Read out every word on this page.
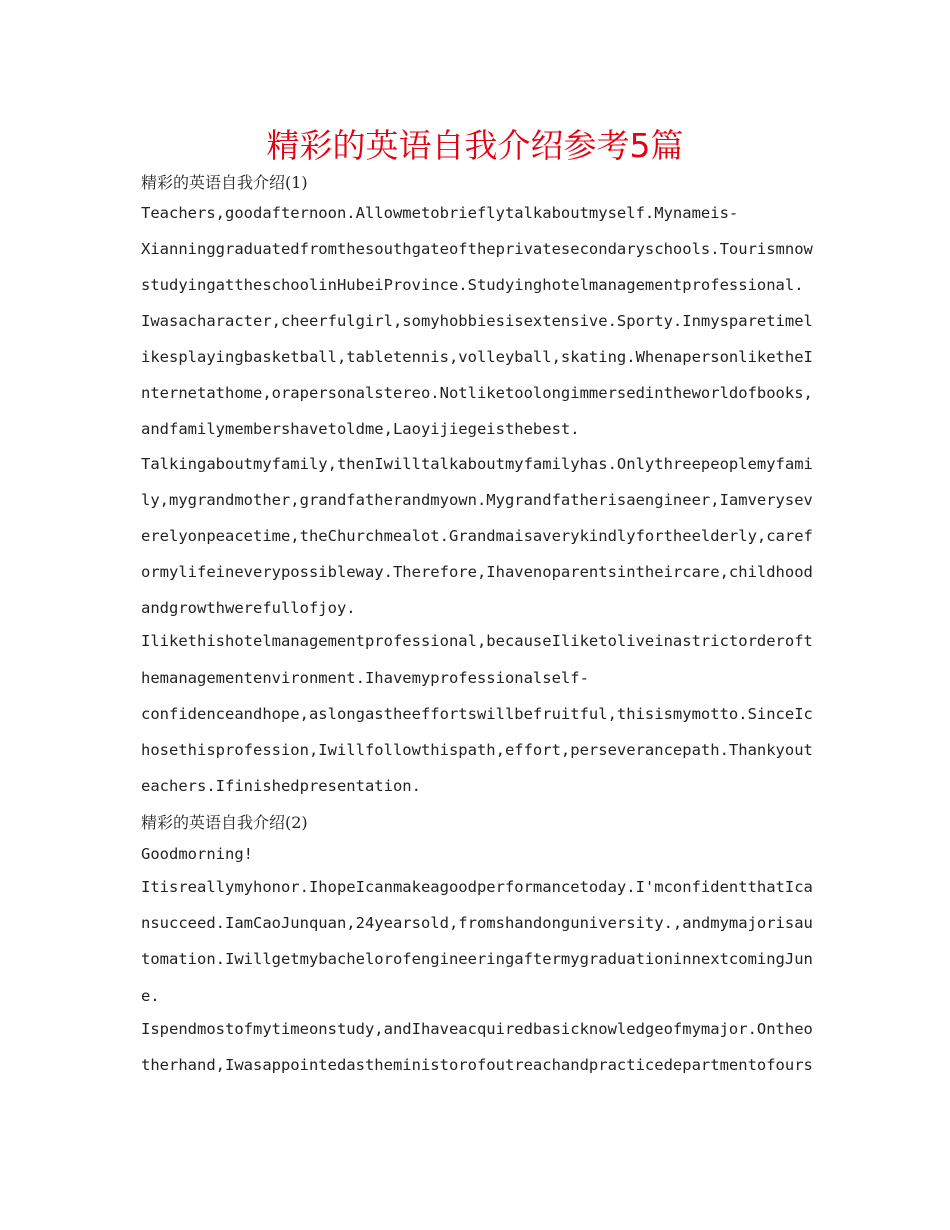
精彩的英语自我介绍参考5篇
精彩的英语自我介绍(1)
Teachers,goodafternoon.Allowmetobrieflytalkaboutmyself.Mynameis-
Xianninggraduatedfromthesouthgateoftheprivatesecondaryschools.Tourismnow
studyingattheschoolinHubeiProvince.Studyinghotelmanagementprofessional.
Iwasacharacter,cheerfulgirl,somyhobbiesisextensive.Sporty.Inmysparetimel
ikesplayingbasketball,tabletennis,volleyball,skating.WhenapersonliketheI
nternetathome,orapersonalstereo.Notliketoolongimmersedintheworldofbooks,
andfamilymembershavetoldme,Laoyijiegeisthebest.
Talkingaboutmyfamily,thenIwilltalkaboutmyfamilyhas.Onlythreepeoplemyfami
ly,mygrandmother,grandfatherandmyown.Mygrandfatherisaengineer,Iamverysev
erelyonpeacetime,theChurchmealot.Grandmaisaverykindlyfortheelderly,caref
ormylifeineverypossibleway.Therefore,Ihavenoparentsintheircare,childhood
andgrowthwerefullofjoy.
Ilikethishotelmanagementprofessional,becauseIliketoliveinastrictorderoft
hemanagementenvironment.Ihavemyprofessionalself-
confidenceandhope,aslongastheeffortswillbefruitful,thisismymotto.SinceIc
hosethisprofession,Iwillfollowthispath,effort,perseverancepath.Thankyout
eachers.Ifinishedpresentation.
精彩的英语自我介绍(2)
Goodmorning!
Itisreallymyhonor.IhopeIcanmakeagoodperformancetoday.I'mconfidentthatIca
nsucceed.IamCaoJunquan,24yearsold,fromshandonguniversity.,andmymajorisau
tomation.IwillgetmybachelorofengineeringaftermygraduationinnextcomingJun
e.
Ispendmostofmytimeonstudy,andIhaveacquiredbasicknowledgeofmymajor.Ontheo
therhand,Iwasappointedastheministorofoutreachandpracticedepartmentofours
